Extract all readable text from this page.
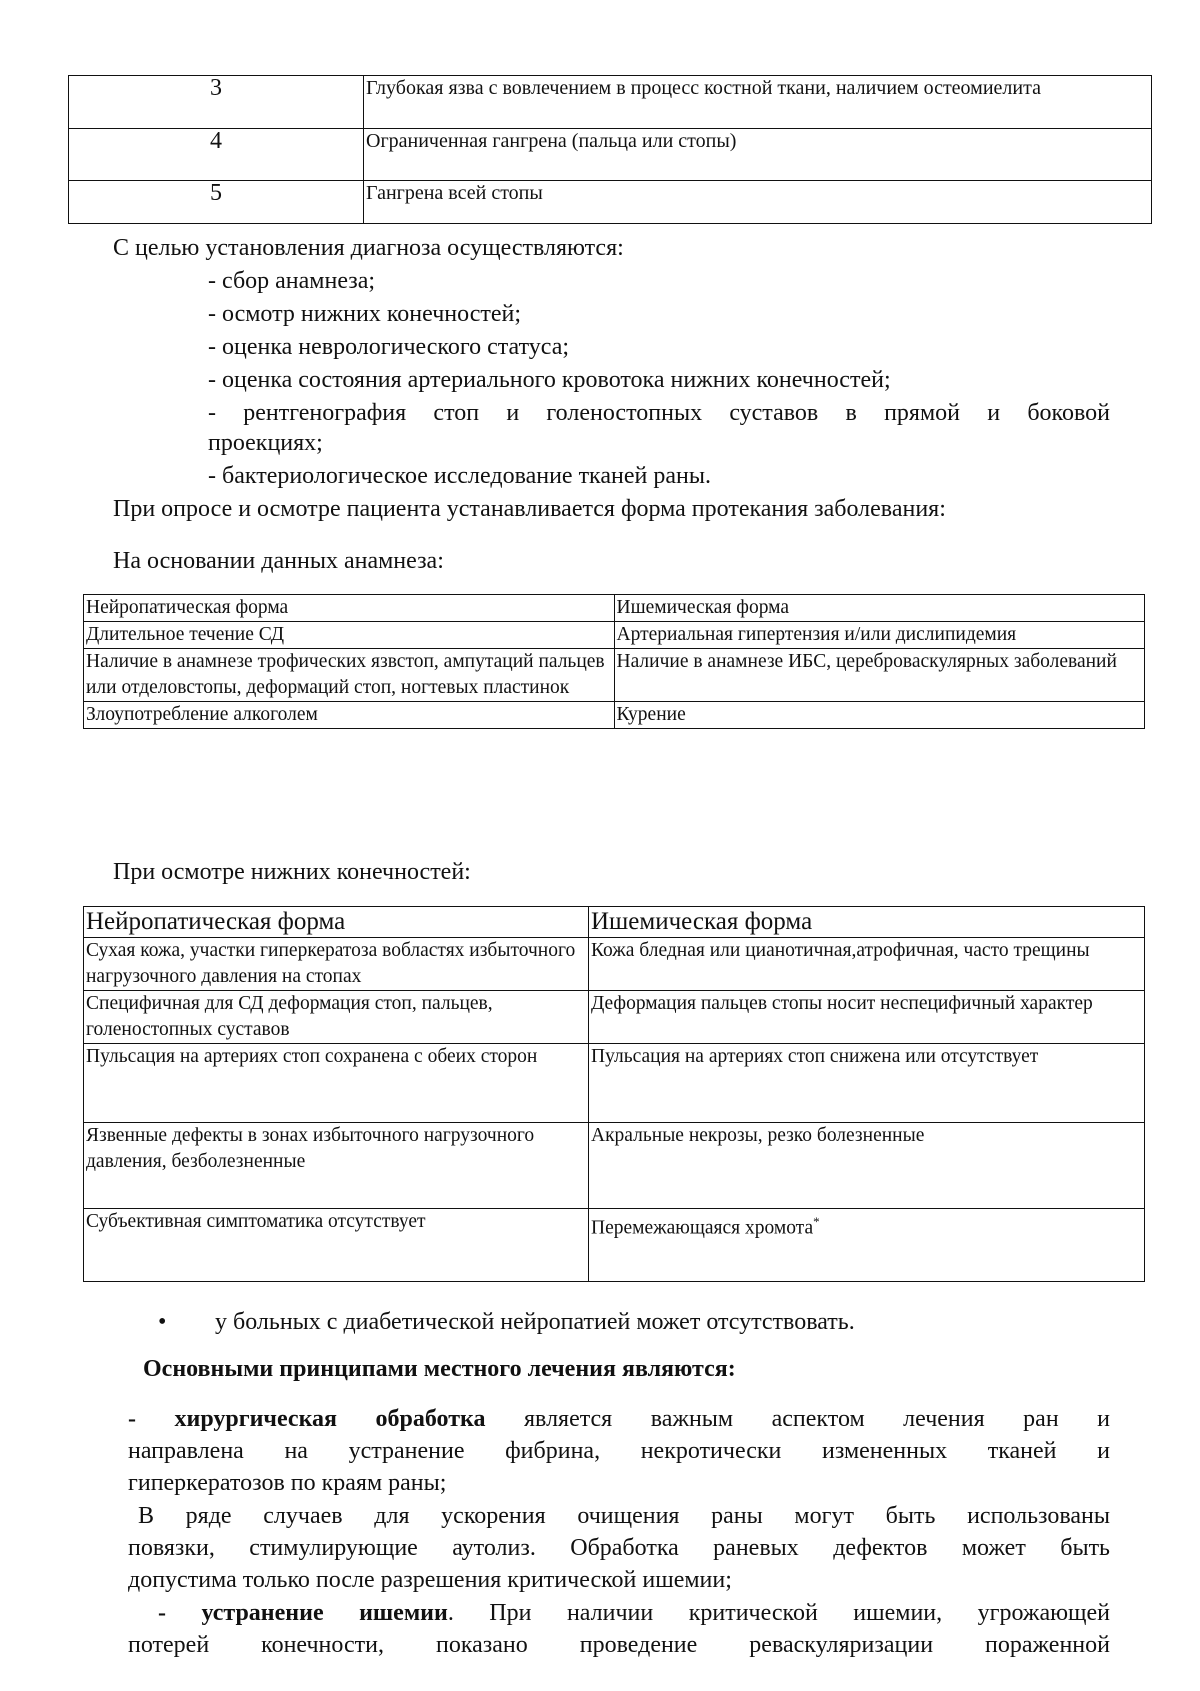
3	Глубокая язва с вовлечением в процесс костной ткани, наличием остеомиелита
4	Ограниченная гангрена (пальца или стопы)
5	Гангрена всей стопы

С целью установления диагноза осуществляются:

- сбор анамнеза;

- осмотр нижних конечностей;

- оценка неврологического статуса;

- оценка состояния артериального кровотока нижних конечностей;

- рентгенография стоп и голеностопных суставов в прямой и боковой

проекциях;

- бактериологическое исследование тканей раны.

При опросе и осмотре пациента устанавливается форма протекания заболевания:

На основании данных анамнеза:

Нейропатическая форма	Ишемическая форма
Длительное течение СД	Артериальная гипертензия и/или дислипидемия
Наличие в анамнезе трофических язвстоп, ампутаций пальцев или отделовстопы, деформаций стоп, ногтевых пластинок	Наличие в анамнезе ИБС, цереброваскулярных заболеваний
Злоупотребление алкоголем	Курение

При осмотре нижних конечностей:

Нейропатическая форма	Ишемическая форма
Сухая кожа, участки гиперкератоза вобластях избыточного нагрузочного давления на стопах	Кожа бледная или цианотичная,атрофичная, часто трещины
Специфичная для СД деформация стоп, пальцев, голеностопных суставов	Деформация пальцев стопы носит неспецифичный характер
Пульсация на артериях стоп сохранена с обеих сторон	Пульсация на артериях стоп снижена или отсутствует
Язвенные дефекты в зонах избыточного нагрузочного давления, безболезненные	Акральные некрозы, резко болезненные
Субъективная симптоматика отсутствует	Перемежающаяся хромота*
• у больных с диабетической нейропатией может отсутствовать.

Основными принципами местного лечения являются:

- хирургическая обработка является важным аспектом лечения ран и

направлена на устранение фибрина, некротически измененных тканей и

гиперкератозов по краям раны;

В ряде случаев для ускорения очищения раны могут быть использованы

повязки, стимулирующие аутолиз. Обработка раневых дефектов может быть

допустима только после разрешения критической ишемии;

- устранение ишемии. При наличии критической ишемии, угрожающей

потерей конечности, показано проведение реваскуляризации пораженной
